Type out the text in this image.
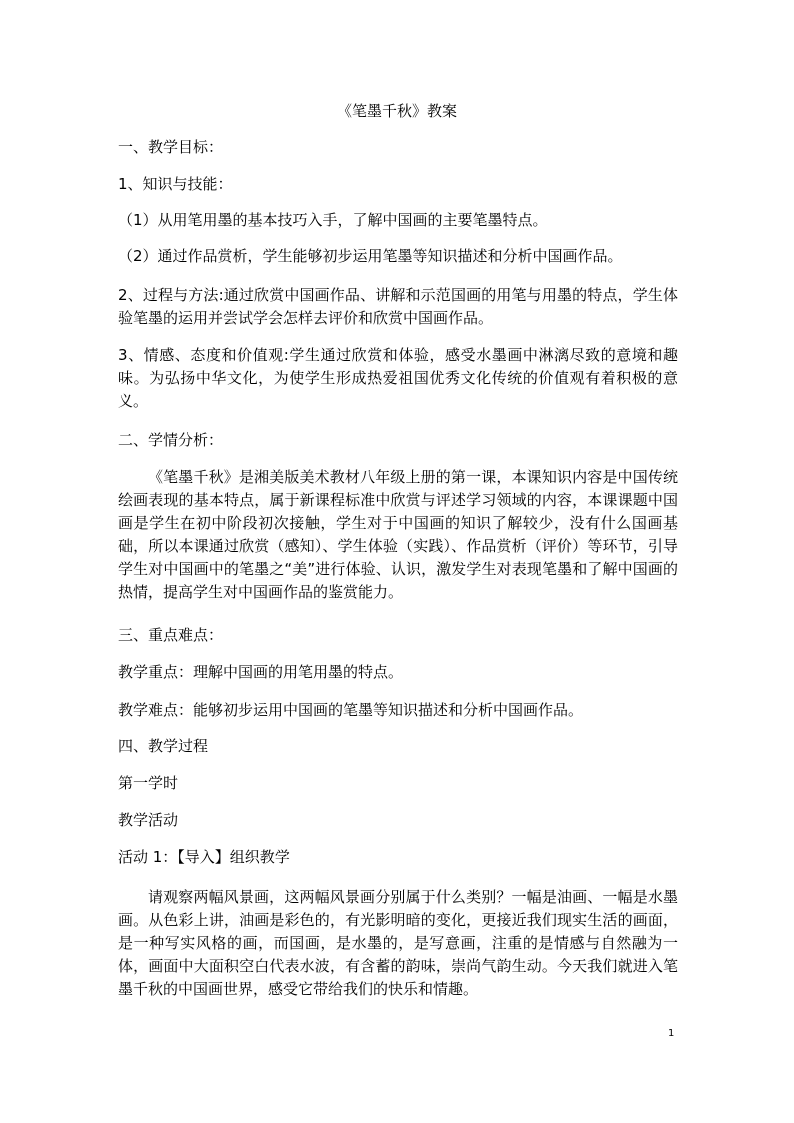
《笔墨千秋》教案
一、教学目标：
1、知识与技能：
（1）从用笔用墨的基本技巧入手，了解中国画的主要笔墨特点。
（2）通过作品赏析，学生能够初步运用笔墨等知识描述和分析中国画作品。
2、过程与方法:通过欣赏中国画作品、讲解和示范国画的用笔与用墨的特点，学生体验笔墨的运用并尝试学会怎样去评价和欣赏中国画作品。
3、情感、态度和价值观:学生通过欣赏和体验，感受水墨画中淋漓尽致的意境和趣味。为弘扬中华文化，为使学生形成热爱祖国优秀文化传统的价值观有着积极的意义。
二、学情分析：
《笔墨千秋》是湘美版美术教材八年级上册的第一课，本课知识内容是中国传统绘画表现的基本特点，属于新课程标准中欣赏与评述学习领域的内容，本课课题中国画是学生在初中阶段初次接触，学生对于中国画的知识了解较少，没有什么国画基础，所以本课通过欣赏（感知）、学生体验（实践）、作品赏析（评价）等环节，引导学生对中国画中的笔墨之“美”进行体验、认识，激发学生对表现笔墨和了解中国画的热情，提高学生对中国画作品的鉴赏能力。
三、重点难点：
教学重点：理解中国画的用笔用墨的特点。
教学难点：能够初步运用中国画的笔墨等知识描述和分析中国画作品。
四、教学过程
第一学时
教学活动
活动 1：【导入】组织教学
请观察两幅风景画，这两幅风景画分别属于什么类别？一幅是油画、一幅是水墨画。从色彩上讲，油画是彩色的，有光影明暗的变化，更接近我们现实生活的画面，是一种写实风格的画，而国画，是水墨的，是写意画，注重的是情感与自然融为一体，画面中大面积空白代表水波，有含蓄的韵味，崇尚气韵生动。今天我们就进入笔墨千秋的中国画世界，感受它带给我们的快乐和情趣。
1
